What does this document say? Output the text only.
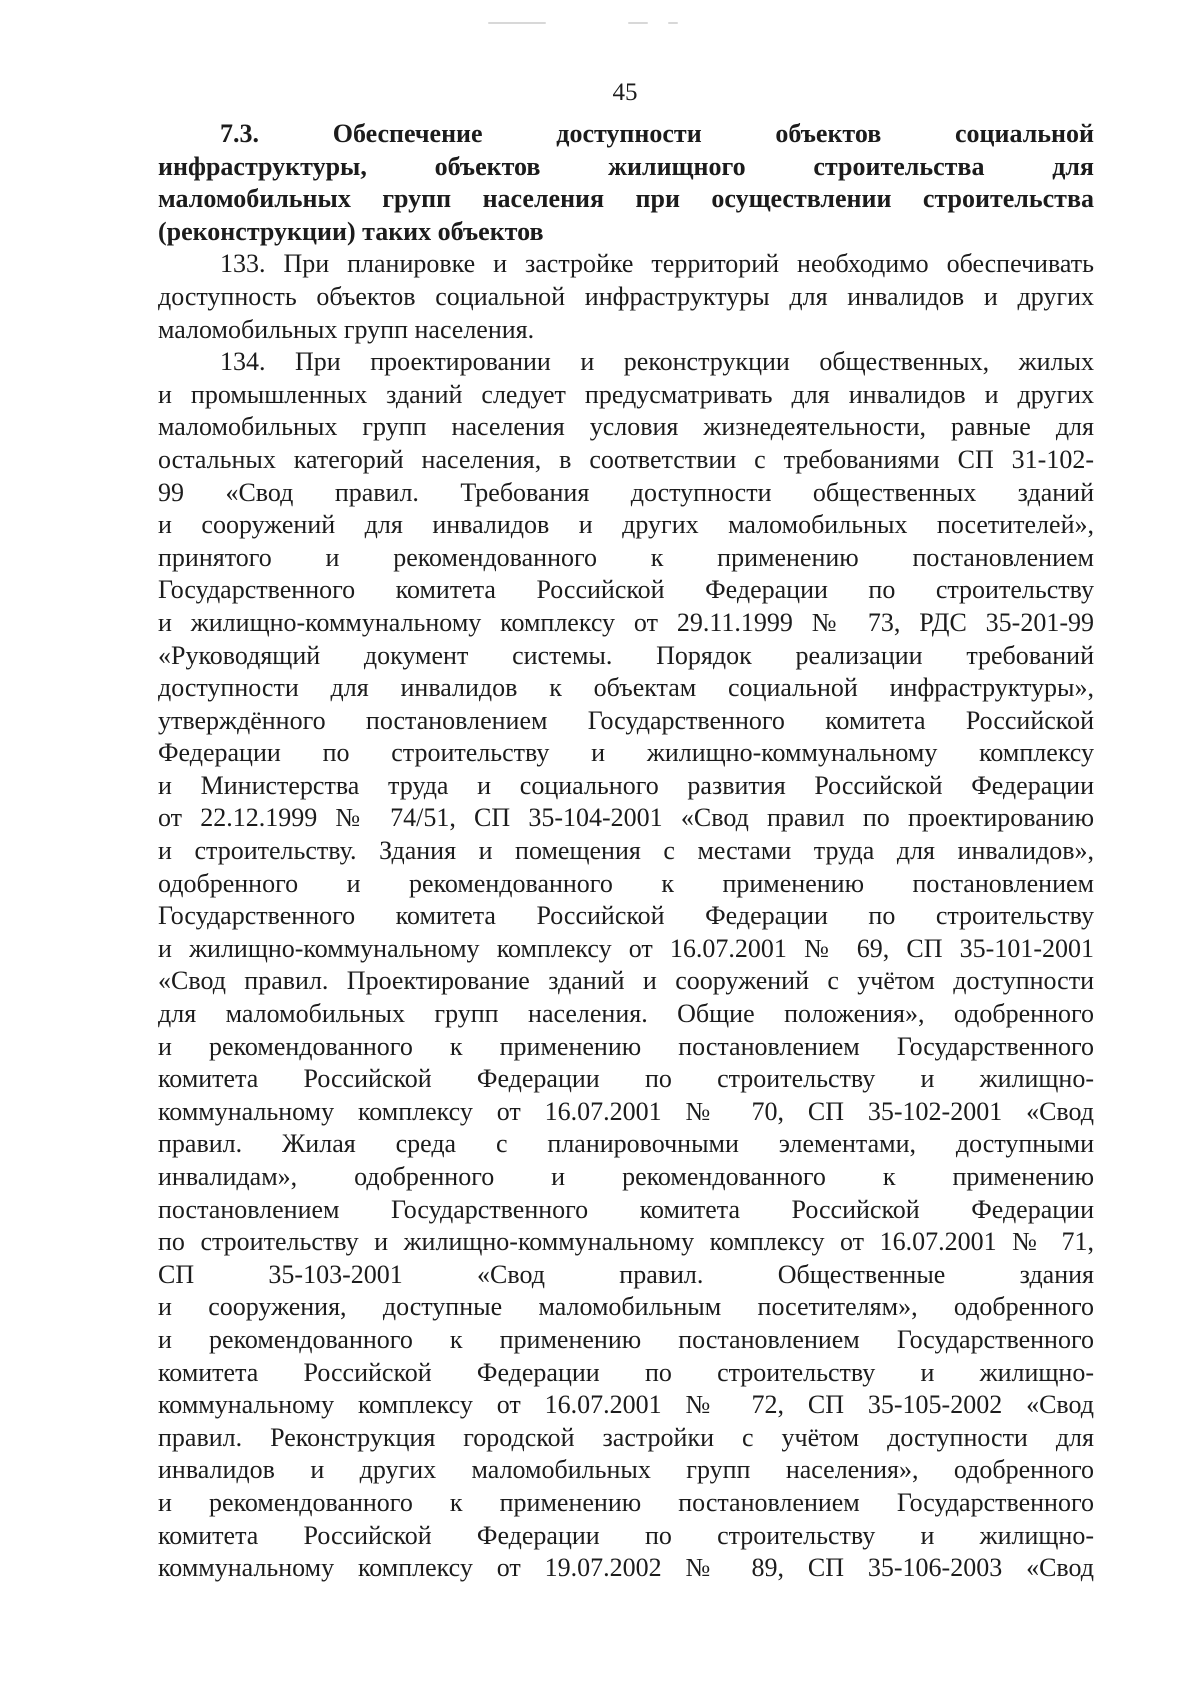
45
7.3. Обеспечение доступности объектов социальной
инфраструктуры, объектов жилищного строительства для
маломобильных групп населения при осуществлении строительства
(реконструкции) таких объектов
133. При планировке и застройке территорий необходимо обеспечивать
доступность объектов социальной инфраструктуры для инвалидов и других
маломобильных групп населения.
134. При проектировании и реконструкции общественных, жилых
и промышленных зданий следует предусматривать для инвалидов и других
маломобильных групп населения условия жизнедеятельности, равные для
остальных категорий населения, в соответствии с требованиями СП 31-102-
99 «Свод правил. Требования доступности общественных зданий
и сооружений для инвалидов и других маломобильных посетителей»,
принятого и рекомендованного к применению постановлением
Государственного комитета Российской Федерации по строительству
и жилищно-коммунальному комплексу от 29.11.1999 № 73, РДС 35-201-99
«Руководящий документ системы. Порядок реализации требований
доступности для инвалидов к объектам социальной инфраструктуры»,
утверждённого постановлением Государственного комитета Российской
Федерации по строительству и жилищно-коммунальному комплексу
и Министерства труда и социального развития Российской Федерации
от 22.12.1999 № 74/51, СП 35-104-2001 «Свод правил по проектированию
и строительству. Здания и помещения с местами труда для инвалидов»,
одобренного и рекомендованного к применению постановлением
Государственного комитета Российской Федерации по строительству
и жилищно-коммунальному комплексу от 16.07.2001 № 69, СП 35-101-2001
«Свод правил. Проектирование зданий и сооружений с учётом доступности
для маломобильных групп населения. Общие положения», одобренного
и рекомендованного к применению постановлением Государственного
комитета Российской Федерации по строительству и жилищно-
коммунальному комплексу от 16.07.2001 № 70, СП 35-102-2001 «Свод
правил. Жилая среда с планировочными элементами, доступными
инвалидам», одобренного и рекомендованного к применению
постановлением Государственного комитета Российской Федерации
по строительству и жилищно-коммунальному комплексу от 16.07.2001 № 71,
СП 35-103-2001 «Свод правил. Общественные здания
и сооружения, доступные маломобильным посетителям», одобренного
и рекомендованного к применению постановлением Государственного
комитета Российской Федерации по строительству и жилищно-
коммунальному комплексу от 16.07.2001 № 72, СП 35-105-2002 «Свод
правил. Реконструкция городской застройки с учётом доступности для
инвалидов и других маломобильных групп населения», одобренного
и рекомендованного к применению постановлением Государственного
комитета Российской Федерации по строительству и жилищно-
коммунальному комплексу от 19.07.2002 № 89, СП 35-106-2003 «Свод
